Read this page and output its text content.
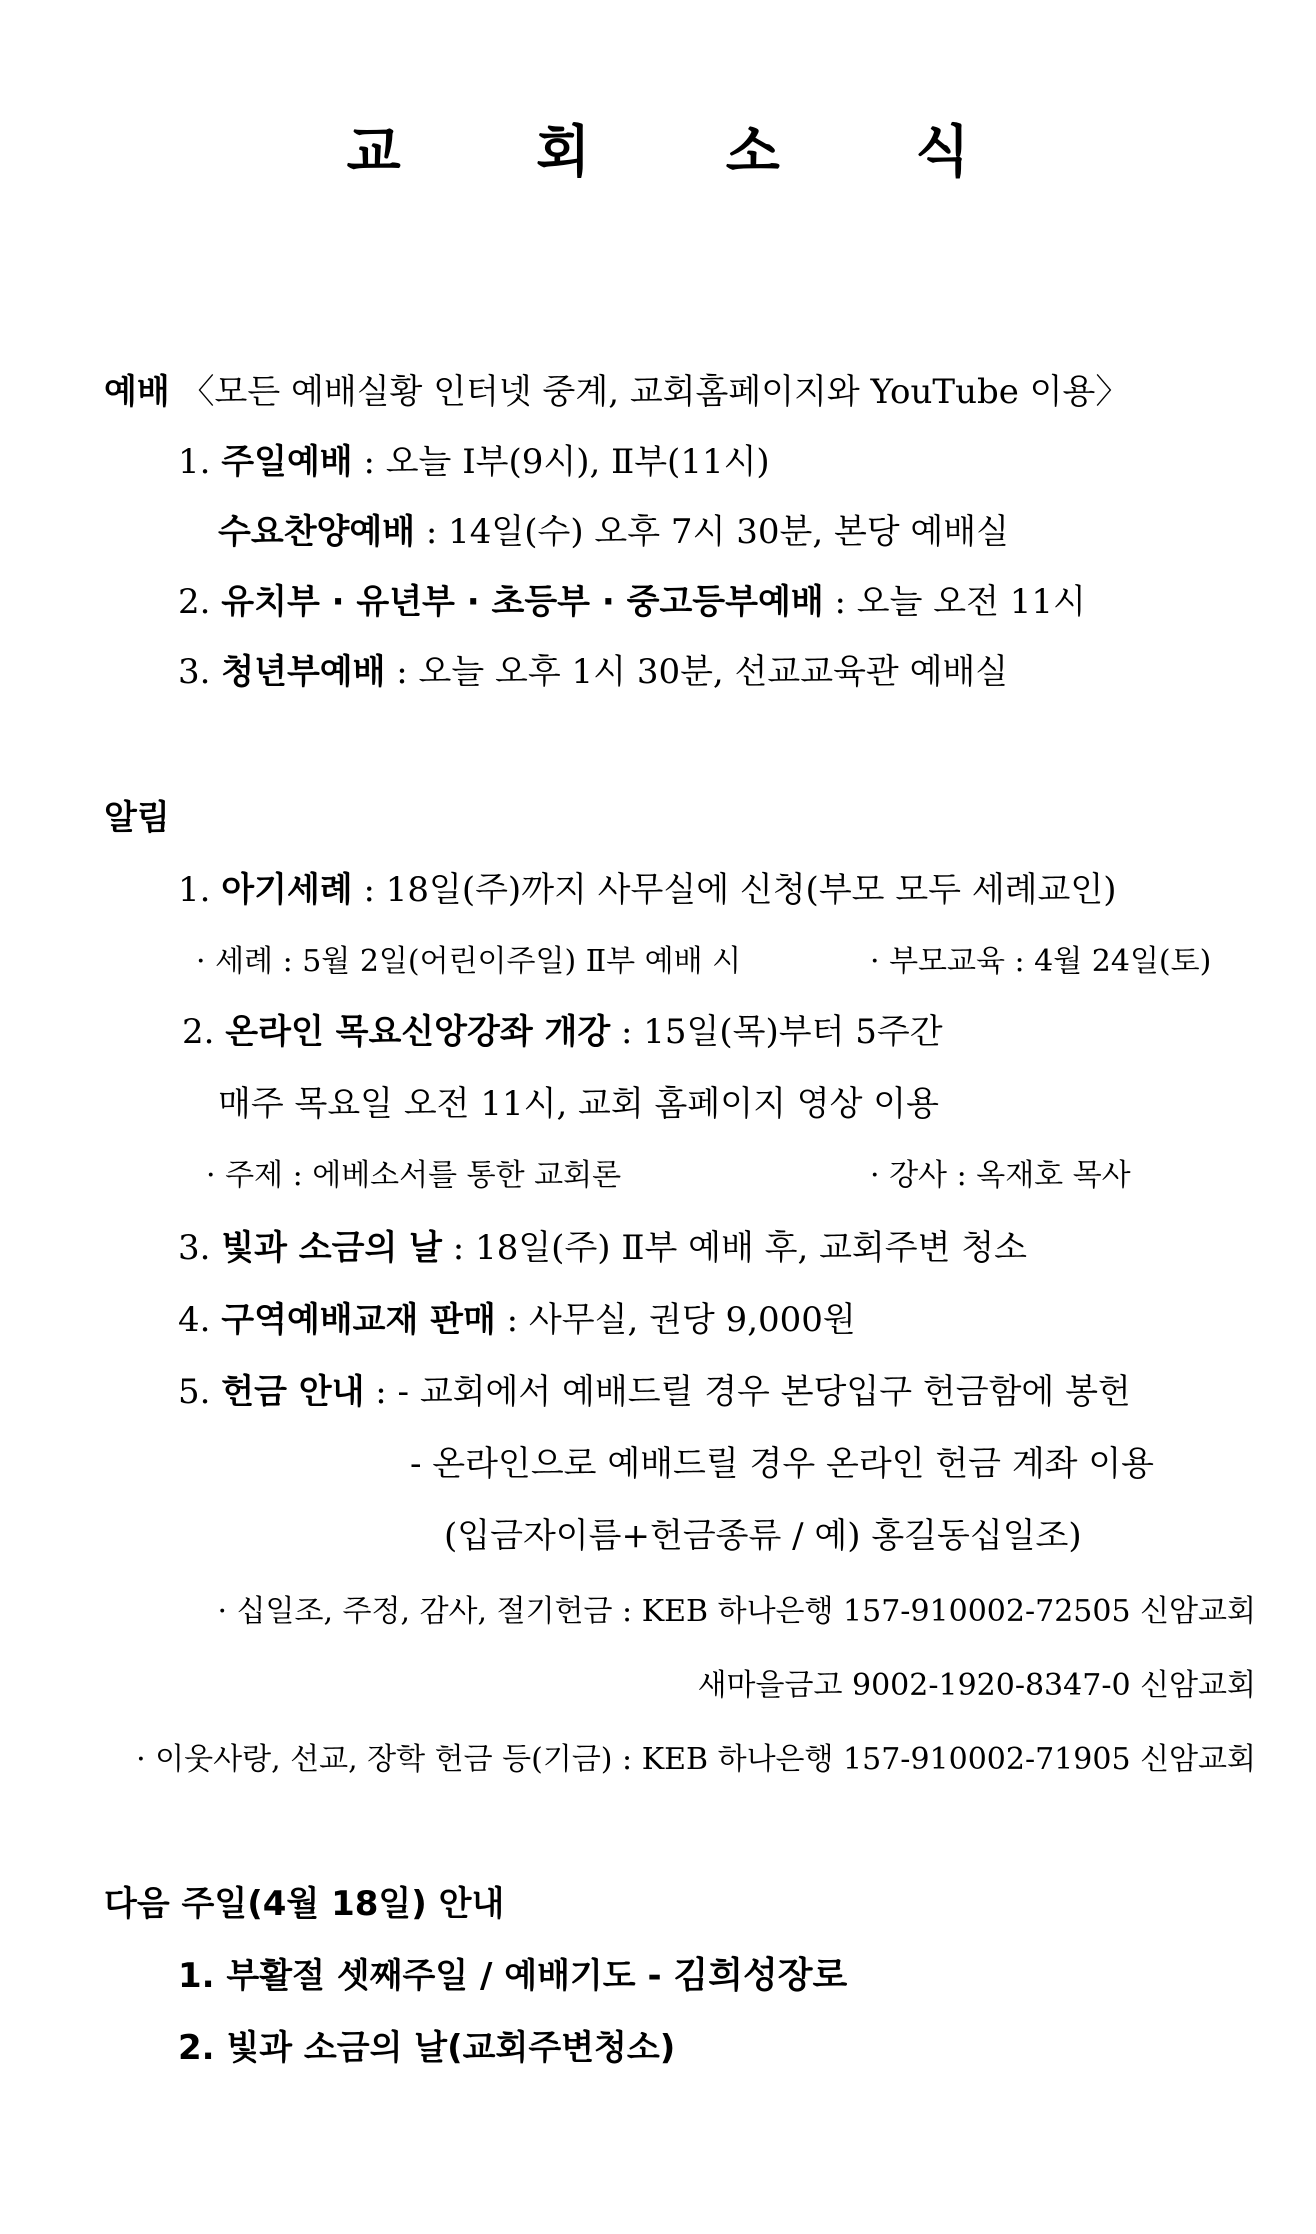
교 회 소 식
예배 〈모든 예배실황 인터넷 중계, 교회홈페이지와 YouTube 이용〉
1. 주일예배 : 오늘 Ⅰ부(9시), Ⅱ부(11시)
수요찬양예배 : 14일(수) 오후 7시 30분, 본당 예배실
2. 유치부 · 유년부 · 초등부 · 중고등부예배 : 오늘 오전 11시
3. 청년부예배 : 오늘 오후 1시 30분, 선교교육관 예배실
알림
1. 아기세례 : 18일(주)까지 사무실에 신청(부모 모두 세례교인)
· 세례 : 5월 2일(어린이주일) Ⅱ부 예배 시	· 부모교육 : 4월 24일(토)
2. 온라인 목요신앙강좌 개강 : 15일(목)부터 5주간
매주 목요일 오전 11시, 교회 홈페이지 영상 이용
· 주제 : 에베소서를 통한 교회론	· 강사 : 옥재호 목사
3. 빛과 소금의 날 : 18일(주) Ⅱ부 예배 후, 교회주변 청소
4. 구역예배교재 판매 : 사무실, 권당 9,000원
5. 헌금 안내 : - 교회에서 예배드릴 경우 본당입구 헌금함에 봉헌
- 온라인으로 예배드릴 경우 온라인 헌금 계좌 이용
(입금자이름+헌금종류 / 예) 홍길동십일조)
· 십일조, 주정, 감사, 절기헌금 : KEB 하나은행 157-910002-72505 신암교회
새마을금고 9002-1920-8347-0 신암교회
· 이웃사랑, 선교, 장학 헌금 등(기금) : KEB 하나은행 157-910002-71905 신암교회
다음 주일(4월 18일) 안내
1. 부활절 셋째주일 / 예배기도 - 김희성장로
2. 빛과 소금의 날(교회주변청소)
